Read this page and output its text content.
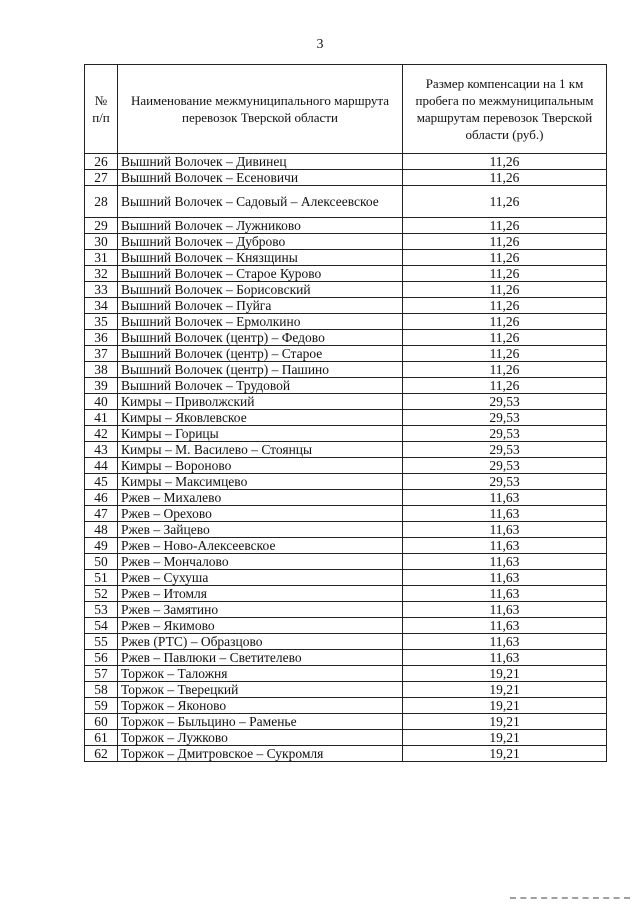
3
№ п/п	Наименование межмуниципального маршрута перевозок Тверской области	Размер компенсации на 1 км пробега по межмуниципальным маршрутам перевозок Тверской области (руб.)
26	Вышний Волочек – Дивинец	11,26
27	Вышний Волочек – Есеновичи	11,26
28	Вышний Волочек – Садовый – Алексеевское	11,26
29	Вышний Волочек – Лужниково	11,26
30	Вышний Волочек – Дуброво	11,26
31	Вышний Волочек – Князщины	11,26
32	Вышний Волочек – Старое Курово	11,26
33	Вышний Волочек – Борисовский	11,26
34	Вышний Волочек – Пуйга	11,26
35	Вышний Волочек – Ермолкино	11,26
36	Вышний Волочек (центр) – Федово	11,26
37	Вышний Волочек (центр) – Старое	11,26
38	Вышний Волочек (центр) – Пашино	11,26
39	Вышний Волочек – Трудовой	11,26
40	Кимры – Приволжский	29,53
41	Кимры – Яковлевское	29,53
42	Кимры – Горицы	29,53
43	Кимры – М. Василево – Стоянцы	29,53
44	Кимры – Вороново	29,53
45	Кимры – Максимцево	29,53
46	Ржев – Михалево	11,63
47	Ржев – Орехово	11,63
48	Ржев – Зайцево	11,63
49	Ржев – Ново-Алексеевское	11,63
50	Ржев – Мончалово	11,63
51	Ржев – Сухуша	11,63
52	Ржев – Итомля	11,63
53	Ржев – Замятино	11,63
54	Ржев – Якимово	11,63
55	Ржев (РТС) – Образцово	11,63
56	Ржев – Павлюки – Светителево	11,63
57	Торжок – Таложня	19,21
58	Торжок – Тверецкий	19,21
59	Торжок – Яконово	19,21
60	Торжок – Быльцино – Раменье	19,21
61	Торжок – Лужково	19,21
62	Торжок – Дмитровское – Сукромля	19,21
